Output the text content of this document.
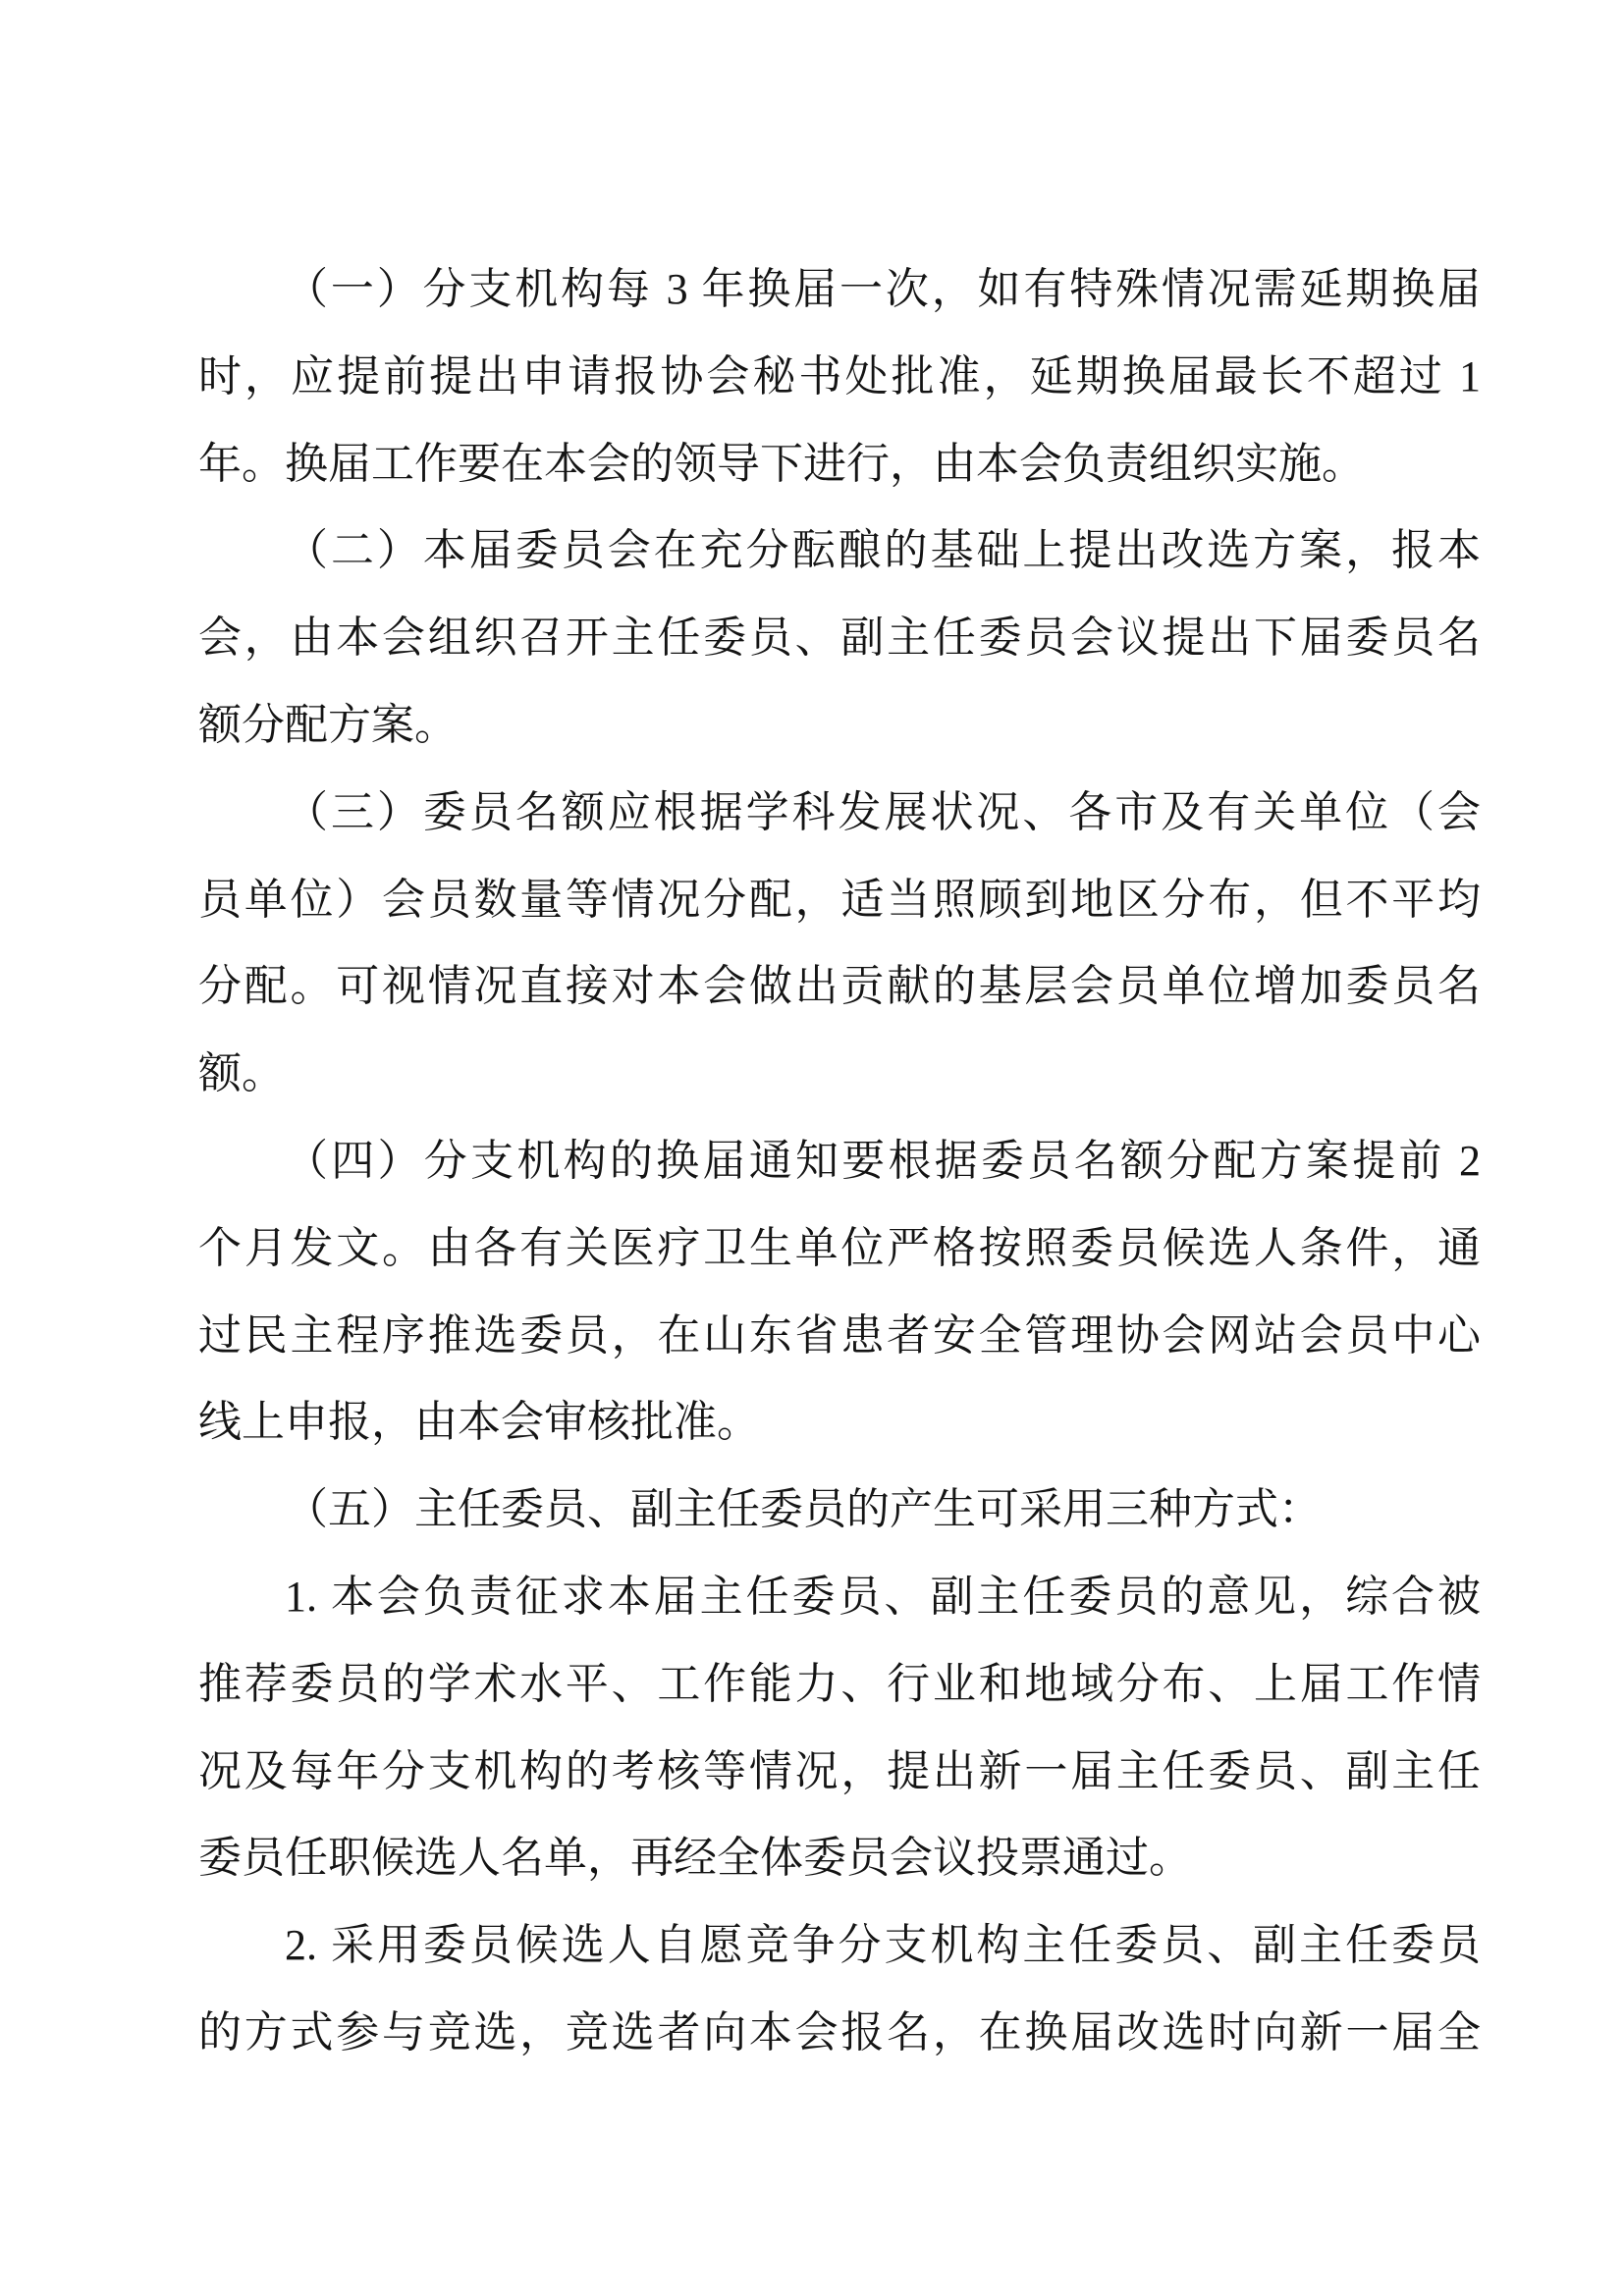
（一）分支机构每 3 年换届一次，如有特殊情况需延期换届
时，应提前提出申请报协会秘书处批准，延期换届最长不超过 1
年。换届工作要在本会的领导下进行，由本会负责组织实施。
（二）本届委员会在充分酝酿的基础上提出改选方案，报本
会，由本会组织召开主任委员、副主任委员会议提出下届委员名
额分配方案。
（三）委员名额应根据学科发展状况、各市及有关单位（会
员单位）会员数量等情况分配，适当照顾到地区分布，但不平均
分配。可视情况直接对本会做出贡献的基层会员单位增加委员名
额。
（四）分支机构的换届通知要根据委员名额分配方案提前 2
个月发文。由各有关医疗卫生单位严格按照委员候选人条件，通
过民主程序推选委员，在山东省患者安全管理协会网站会员中心
线上申报，由本会审核批准。
（五）主任委员、副主任委员的产生可采用三种方式：
1. 本会负责征求本届主任委员、副主任委员的意见，综合被
推荐委员的学术水平、工作能力、行业和地域分布、上届工作情
况及每年分支机构的考核等情况，提出新一届主任委员、副主任
委员任职候选人名单，再经全体委员会议投票通过。
2. 采用委员候选人自愿竞争分支机构主任委员、副主任委员
的方式参与竞选，竞选者向本会报名，在换届改选时向新一届全
